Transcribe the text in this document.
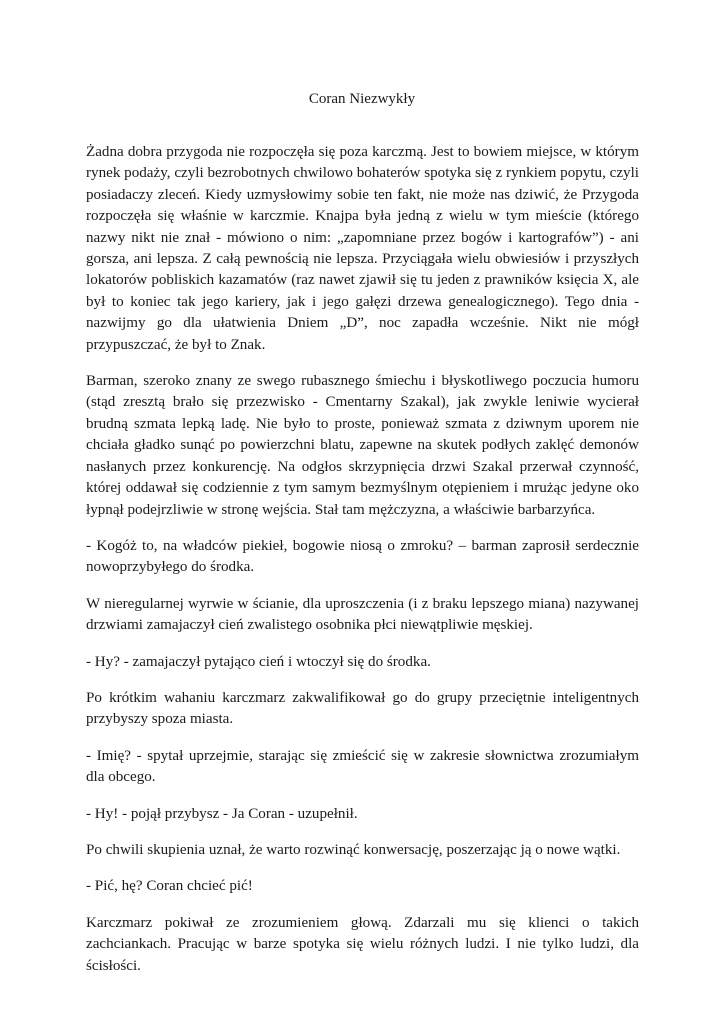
Coran Niezwykły

Żadna dobra przygoda nie rozpoczęła się poza karczmą. Jest to bowiem miejsce, w którym rynek podaży, czyli bezrobotnych chwilowo bohaterów spotyka się z rynkiem popytu, czyli posiadaczy zleceń. Kiedy uzmysłowimy sobie ten fakt, nie może nas dziwić, że Przygoda rozpoczęła się właśnie w karczmie. Knajpa była jedną z wielu w tym mieście (którego nazwy nikt nie znał - mówiono o nim: „zapomniane przez bogów i kartografów”) - ani gorsza, ani lepsza. Z całą pewnością nie lepsza. Przyciągała wielu obwiesiów i przyszłych lokatorów pobliskich kazamatów (raz nawet zjawił się tu jeden z prawników księcia X, ale był to koniec tak jego kariery, jak i jego gałęzi drzewa genealogicznego). Tego dnia - nazwijmy go dla ułatwienia Dniem „D”, noc zapadła wcześnie. Nikt nie mógł przypuszczać, że był to Znak.

Barman, szeroko znany ze swego rubasznego śmiechu i błyskotliwego poczucia humoru (stąd zresztą brało się przezwisko - Cmentarny Szakal), jak zwykle leniwie wycierał brudną szmata lepką ladę. Nie było to proste, ponieważ szmata z dziwnym uporem nie chciała gładko sunąć po powierzchni blatu, zapewne na skutek podłych zaklęć demonów nasłanych przez konkurencję. Na odgłos skrzypnięcia drzwi Szakal przerwał czynność, której oddawał się codziennie z tym samym bezmyślnym otępieniem i mrużąc jedyne oko łypnął podejrzliwie w stronę wejścia. Stał tam mężczyzna, a właściwie barbarzyńca.

- Kogóż to, na władców piekieł, bogowie niosą o zmroku? – barman zaprosił serdecznie nowoprzybyłego do środka.

W nieregularnej wyrwie w ścianie, dla uproszczenia (i z braku lepszego miana) nazywanej drzwiami zamajaczył cień zwalistego osobnika płci niewątpliwie męskiej.

- Hy? - zamajaczył pytająco cień i wtoczył się do środka.

Po krótkim wahaniu karczmarz zakwalifikował go do grupy przeciętnie inteligentnych przybyszy spoza miasta.

- Imię? - spytał uprzejmie, starając się zmieścić się w zakresie słownictwa zrozumiałym dla obcego.

- Hy! - pojął przybysz - Ja Coran - uzupełnił.

Po chwili skupienia uznał, że warto rozwinąć konwersację, poszerzając ją o nowe wątki.

- Pić, hę? Coran chcieć pić!

Karczmarz pokiwał ze zrozumieniem głową. Zdarzali mu się klienci o takich zachciankach. Pracując w barze spotyka się wielu różnych ludzi. I nie tylko ludzi, dla ścisłości.
